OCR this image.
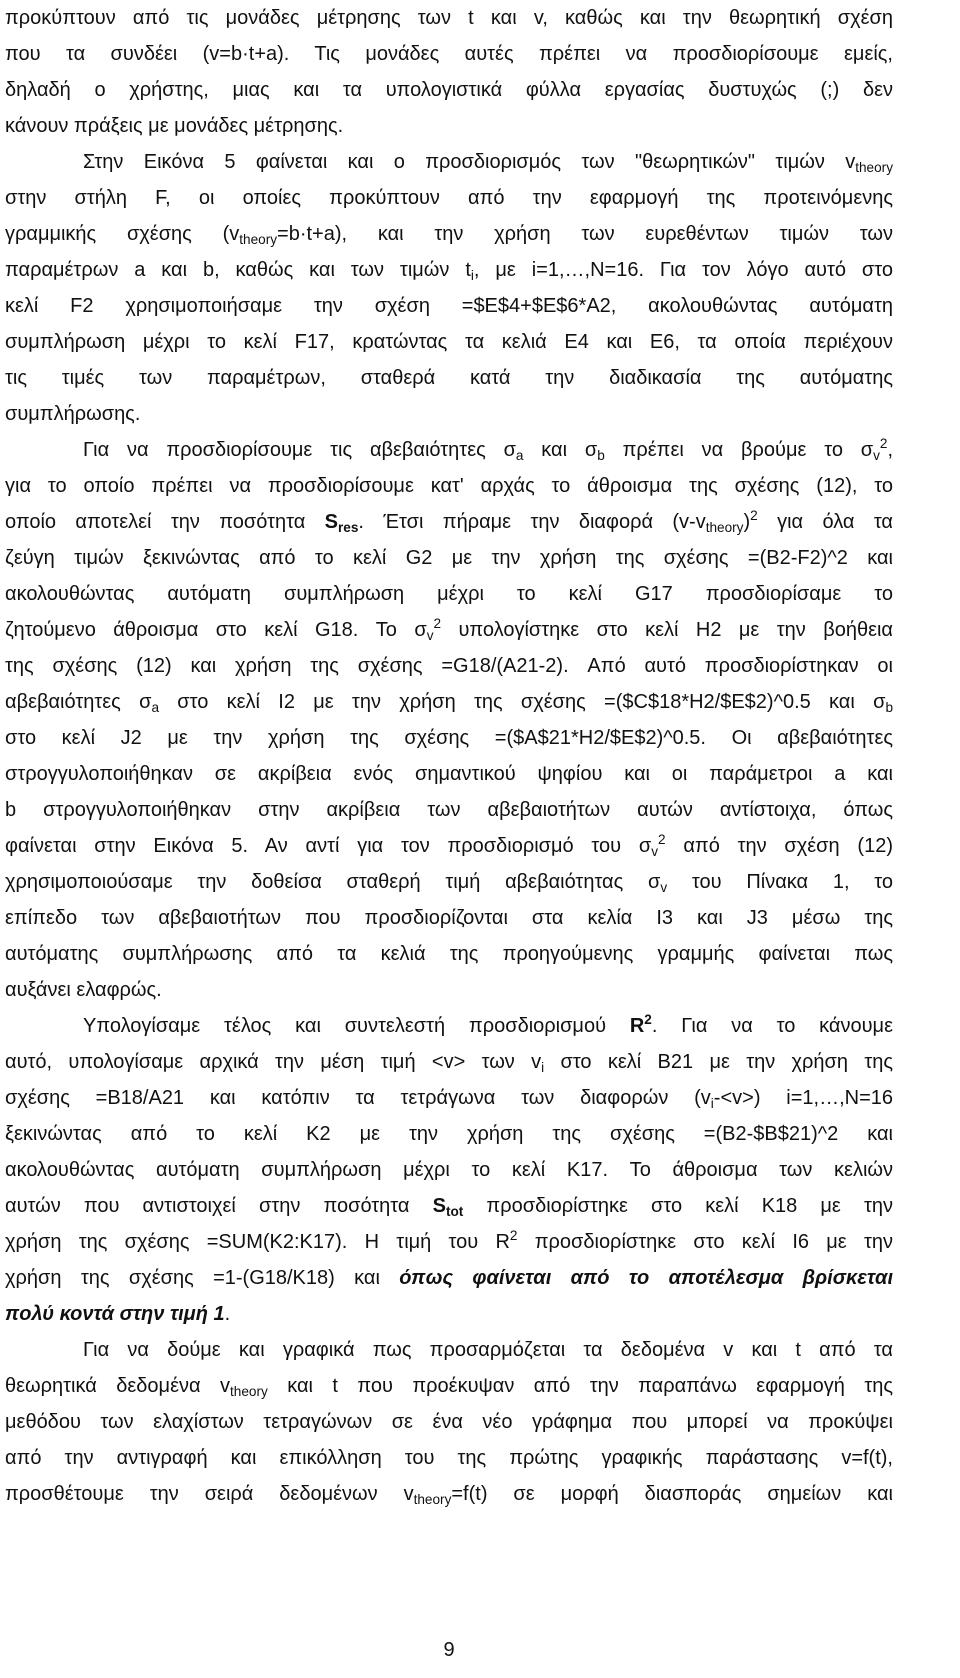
προκύπτουν από τις μονάδες μέτρησης των t και v, καθώς και την θεωρητική σχέση
που τα συνδέει (v=b·t+a). Τις μονάδες αυτές πρέπει να προσδιορίσουμε εμείς,
δηλαδή ο χρήστης, μιας και τα υπολογιστικά φύλλα εργασίας δυστυχώς (;) δεν
κάνουν πράξεις με μονάδες μέτρησης.
Στην Εικόνα 5 φαίνεται και ο προσδιορισμός των "θεωρητικών" τιμών $v_{theory}$
στην στήλη F, οι οποίες προκύπτουν από την εφαρμογή της προτεινόμενης
γραμμικής σχέσης $(v_{theory}=b\cdot t+a)$, και την χρήση των ευρεθέντων τιμών των
παραμέτρων a και b, καθώς και των τιμών $t_i$, με i=1,…,N=16. Για τον λόγο αυτό στο
κελί F2 χρησιμοποιήσαμε την σχέση =$E$4+$E$6*A2, ακολουθώντας αυτόματη
συμπλήρωση μέχρι το κελί F17, κρατώντας τα κελιά E4 και E6, τα οποία περιέχουν
τις τιμές των παραμέτρων, σταθερά κατά την διαδικασία της αυτόματης
συμπλήρωσης.
Για να προσδιορίσουμε τις αβεβαιότητες $\sigma_a$ και $\sigma_b$ πρέπει να βρούμε το $\sigma_v^2$,
για το οποίο πρέπει να προσδιορίσουμε κατ' αρχάς το άθροισμα της σχέσης (12), το
οποίο αποτελεί την ποσότητα $S_{res}$. Έτσι πήραμε την διαφορά $(v-v_{theory})^2$ για όλα τα
ζεύγη τιμών ξεκινώντας από το κελί G2 με την χρήση της σχέσης =(B2-F2)^2 και
ακολουθώντας αυτόματη συμπλήρωση μέχρι το κελί G17 προσδιορίσαμε το
ζητούμενο άθροισμα στο κελί G18. Το $\sigma_v^2$ υπολογίστηκε στο κελί H2 με την βοήθεια
της σχέσης (12) και χρήση της σχέσης =G18/(A21-2). Από αυτό προσδιορίστηκαν οι
αβεβαιότητες $\sigma_a$ στο κελί I2 με την χρήση της σχέσης =($C$18*H2/$E$2)^0.5 και $\sigma_b$
στο κελί J2 με την χρήση της σχέσης =($A$21*H2/$E$2)^0.5. Οι αβεβαιότητες
στρογγυλοποιήθηκαν σε ακρίβεια ενός σημαντικού ψηφίου και οι παράμετροι a και
b στρογγυλοποιήθηκαν στην ακρίβεια των αβεβαιοτήτων αυτών αντίστοιχα, όπως
φαίνεται στην Εικόνα 5. Αν αντί για τον προσδιορισμό του $\sigma_v^2$ από την σχέση (12)
χρησιμοποιούσαμε την δοθείσα σταθερή τιμή αβεβαιότητας $\sigma_v$ του Πίνακα 1, το
επίπεδο των αβεβαιοτήτων που προσδιορίζονται στα κελία I3 και J3 μέσω της
αυτόματης συμπλήρωσης από τα κελιά της προηγούμενης γραμμής φαίνεται πως
αυξάνει ελαφρώς.
Υπολογίσαμε τέλος και συντελεστή προσδιορισμού $R^2$. Για να το κάνουμε
αυτό, υπολογίσαμε αρχικά την μέση τιμή <v> των $v_i$ στο κελί B21 με την χρήση της
σχέσης =B18/A21 και κατόπιν τα τετράγωνα των διαφορών $(v_i-<v>)$ i=1,…,N=16
ξεκινώντας από το κελί K2 με την χρήση της σχέσης =(B2-$B$21)^2 και
ακολουθώντας αυτόματη συμπλήρωση μέχρι το κελί K17. Το άθροισμα των κελιών
αυτών που αντιστοιχεί στην ποσότητα $S_{tot}$ προσδιορίστηκε στο κελί K18 με την
χρήση της σχέσης =SUM(K2:K17). Η τιμή του $R^2$ προσδιορίστηκε στο κελί I6 με την
χρήση της σχέσης =1-(G18/K18) και όπως φαίνεται από το αποτέλεσμα βρίσκεται
πολύ κοντά στην τιμή 1.
Για να δούμε και γραφικά πως προσαρμόζεται τα δεδομένα v και t από τα
θεωρητικά δεδομένα $v_{theory}$ και t που προέκυψαν από την παραπάνω εφαρμογή της
μεθόδου των ελαχίστων τετραγώνων σε ένα νέο γράφημα που μπορεί να προκύψει
από την αντιγραφή και επικόλληση του της πρώτης γραφικής παράστασης v=f(t),
προσθέτουμε την σειρά δεδομένων $v_{theory}=f(t)$ σε μορφή διασποράς σημείων και
9
